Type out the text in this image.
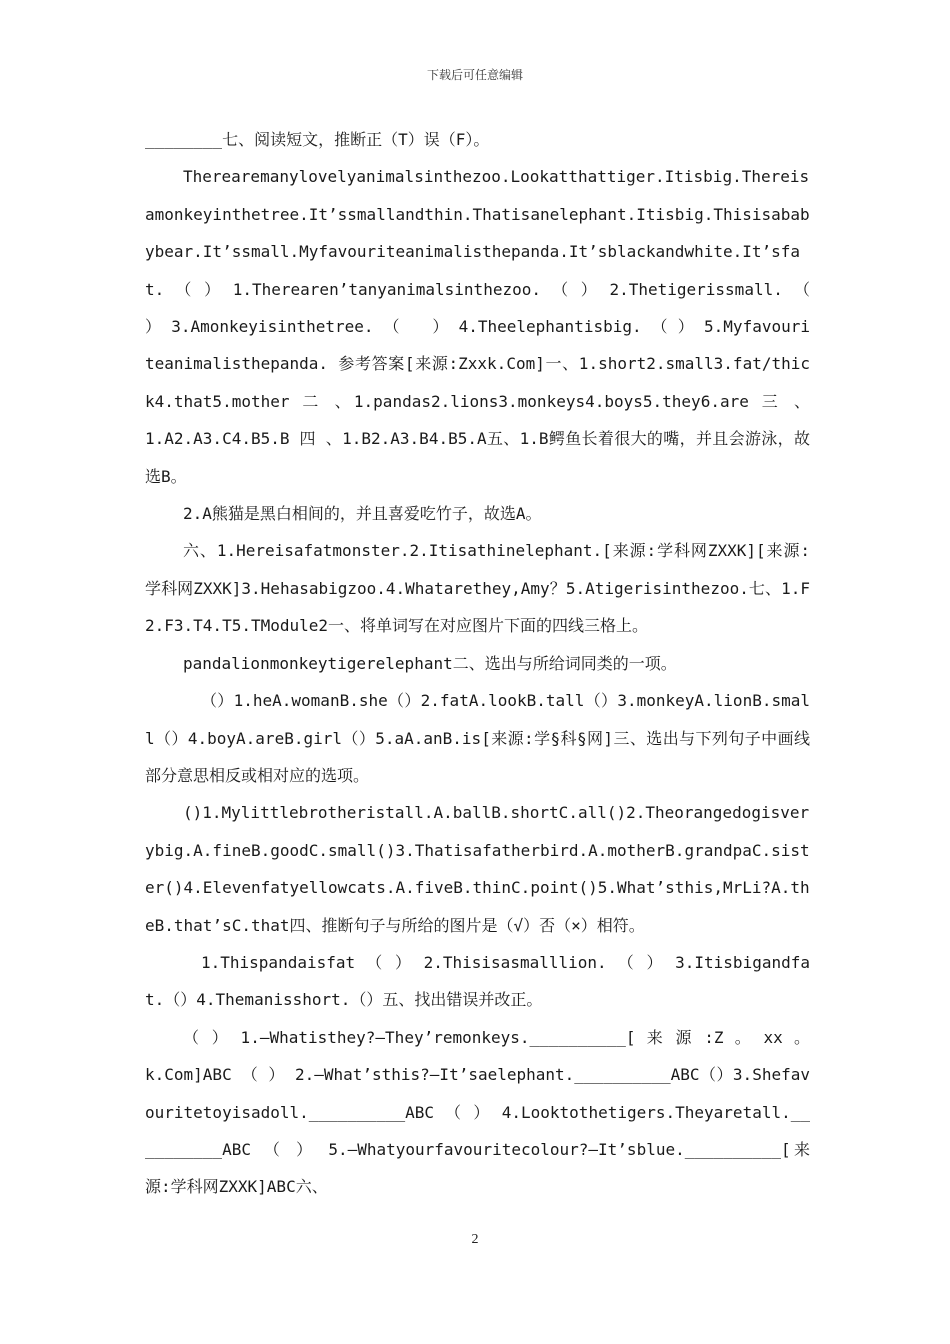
下载后可任意编辑

________七、阅读短文，推断正（T）误（F）。

Therearemanylovelyanimalsinthezoo.Lookatthattiger.Itisbig.Thereisamonkeyinthetree.It’ssmallandthin.Thatisanelephant.Itisbig.Thisisababybear.It’ssmall.Myfavouriteanimalisthepanda.It’sblackandwhite.It’sfat. （ ） 1.Therearen’tanyanimalsinthezoo. （ ） 2.Thetigerissmall. （　　） 3.Amonkeyisinthetree. （　　） 4.Theelephantisbig. （ ） 5.Myfavouriteanimalisthepanda. 参考答案[来源:Zxxk.Com]一、1.short2.small3.fat/thick4.that5.mother 二 、1.pandas2.lions3.monkeys4.boys5.they6.are 三 、 1.A2.A3.C4.B5.B 四 、1.B2.A3.B4.B5.A五、1.B鳄鱼长着很大的嘴，并且会游泳，故选B。

2.A熊猫是黑白相间的，并且喜爱吃竹子，故选A。

六、1.Hereisafatmonster.2.Itisathinelephant.[来源:学科网ZXXK][来源:学科网ZXXK]3.Hehasabigzoo.4.Whatarethey,Amy？5.Atigerisinthezoo.七、1.F2.F3.T4.T5.TModule2一、将单词写在对应图片下面的四线三格上。

pandalionmonkeytigerelephant二、选出与所给词同类的一项。

（）1.heA.womanB.she（）2.fatA.lookB.tall（）3.monkeyA.lionB.small（）4.boyA.areB.girl（）5.aA.anB.is[来源:学§科§网]三、选出与下列句子中画线部分意思相反或相对应的选项。

()1.Mylittlebrotheristall.A.ballB.shortC.all()2.Theorangedogisverybig.A.fineB.goodC.small()3.Thatisafatherbird.A.motherB.grandpaC.sister()4.Elevenfatyellowcats.A.fiveB.thinC.point()5.What’sthis,MrLi?A.theB.that’sC.that四、推断句子与所给的图片是（√）否（×）相符。

1.Thispandaisfat （ ） 2.Thisisasmalllion. （ ） 3.Itisbigandfat.（）4.Themanisshort.（）五、找出错误并改正。

（ ） 1.—Whatisthey?—They’remonkeys.__________[ 来 源 :Z 。 xx 。 k.Com]ABC （ ） 2.—What’sthis?—It’saelephant.__________ABC（）3.Shefavouritetoyisadoll.__________ABC （ ） 4.Looktothetigers.Theyaretall.__________ABC （ ） 5.—Whatyourfavouritecolour?—It’sblue.__________[来源:学科网ZXXK]ABC六、

2
